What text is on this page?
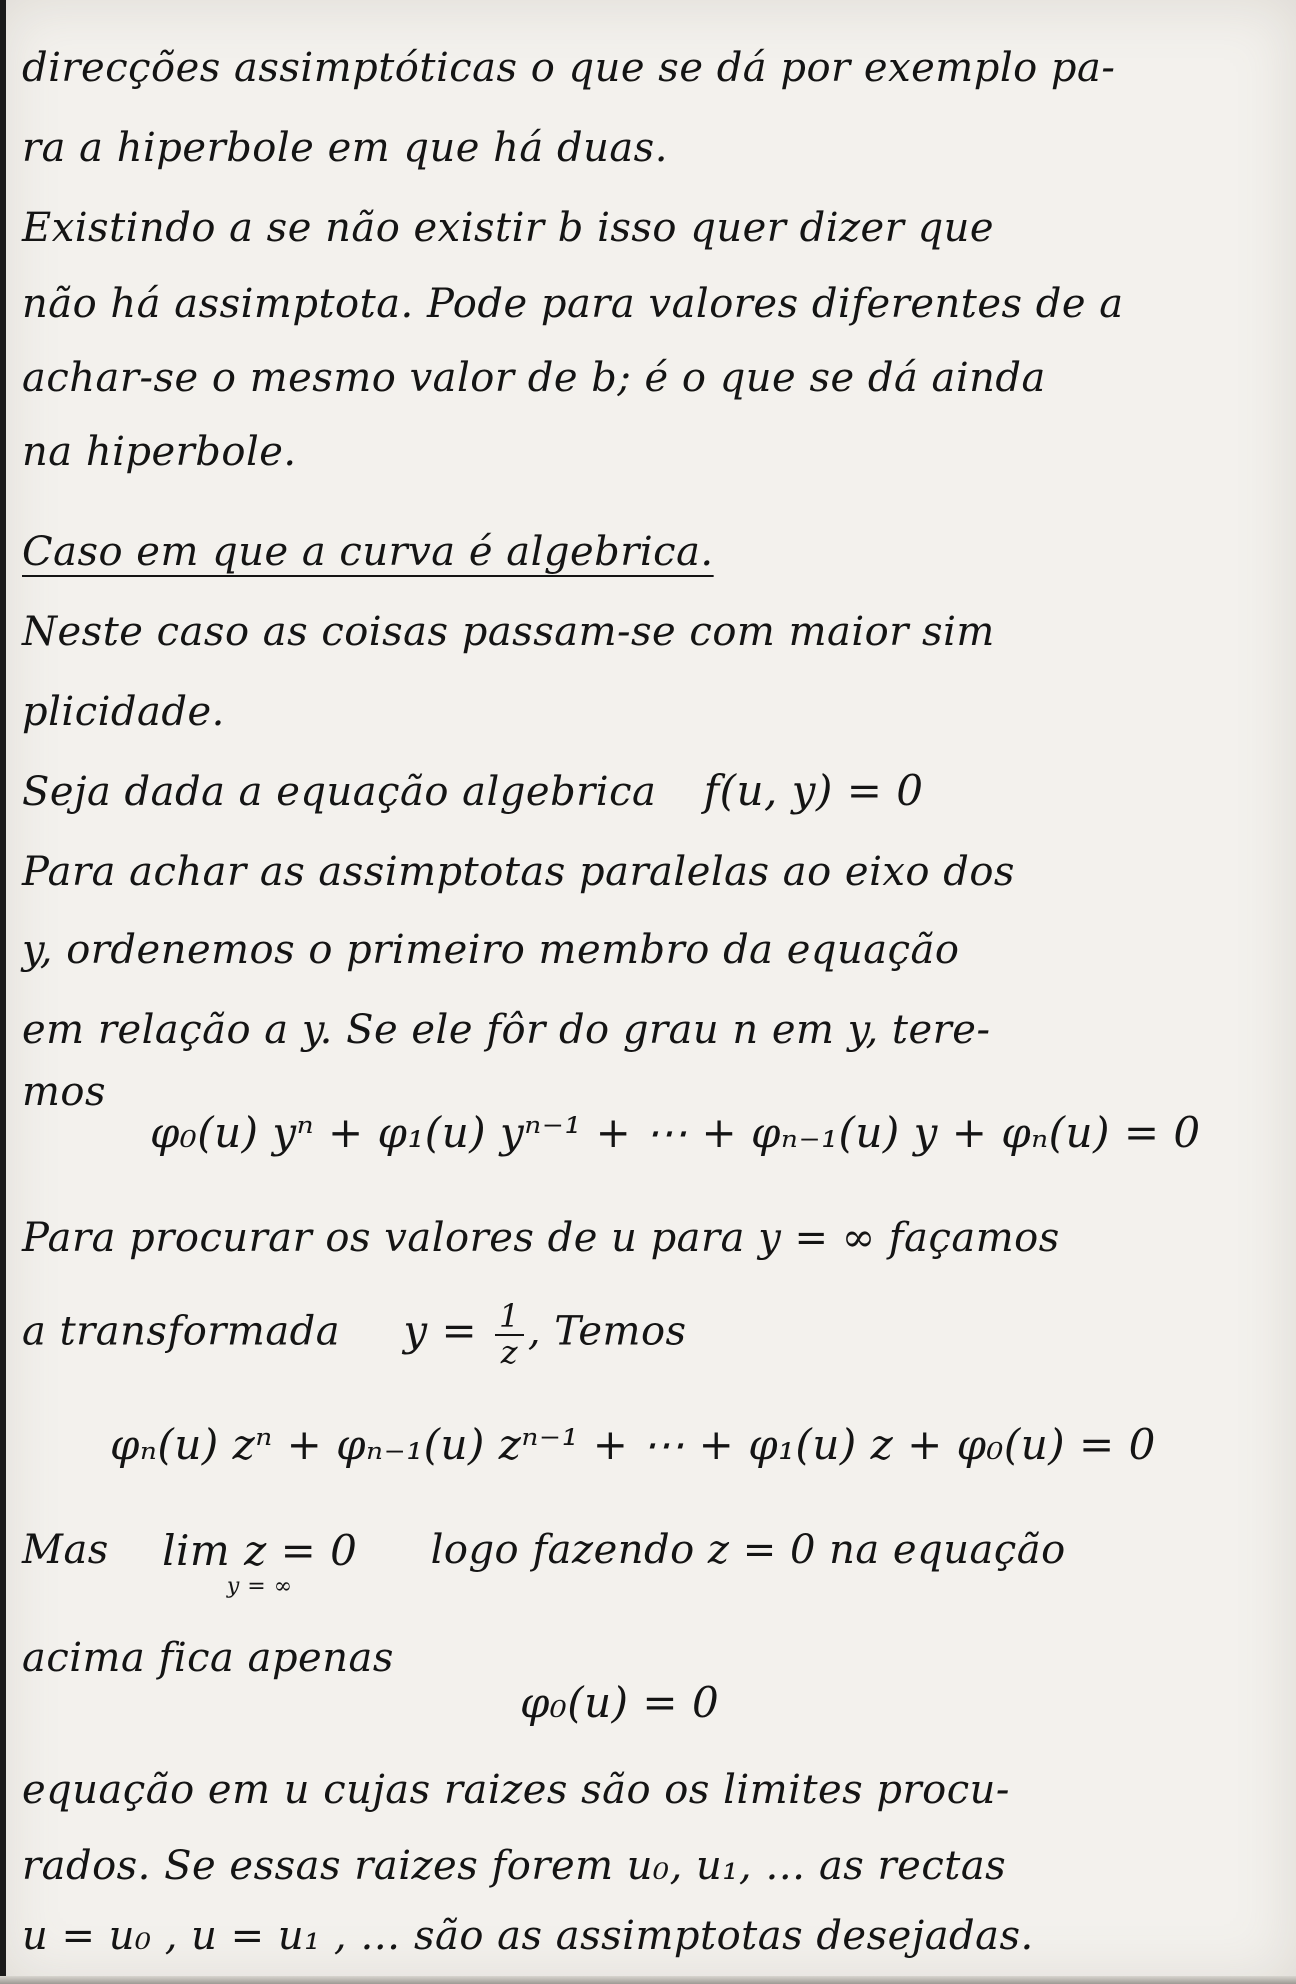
direcções assimptóticas o que se dá por exemplo pa-
ra a hiperbole em que há duas.
Existindo a se não existir b isso quer dizer que
não há assimptota. Pode para valores diferentes de a
achar-se o mesmo valor de b; é o que se dá ainda
na hiperbole.
Caso em que a curva é algebrica.
Neste caso as coisas passam-se com maior sim
plicidade.
Seja dada a equação algebrica f(u, y) = 0
Para achar as assimptotas paralelas ao eixo dos
y, ordenemos o primeiro membro da equação
em relação a y. Se ele fôr do grau n em y, tere-
mos
φ₀(u) yⁿ + φ₁(u) yⁿ⁻¹ + ⋯ + φₙ₋₁(u) y + φₙ(u) = 0
Para procurar os valores de u para y = ∞ façamos
a transformada $y = \frac{1}{z}$ , Temos
φₙ(u) zⁿ + φₙ₋₁(u) zⁿ⁻¹ + ⋯ + φ₁(u) z + φ₀(u) = 0
Mas lim z = 0
y = ∞
logo fazendo z = 0 na equação
acima fica apenas
φ₀(u) = 0
equação em u cujas raizes são os limites procu-
rados. Se essas raizes forem u₀, u₁, … as rectas
u = u₀ , u = u₁ , … são as assimptotas desejadas.
